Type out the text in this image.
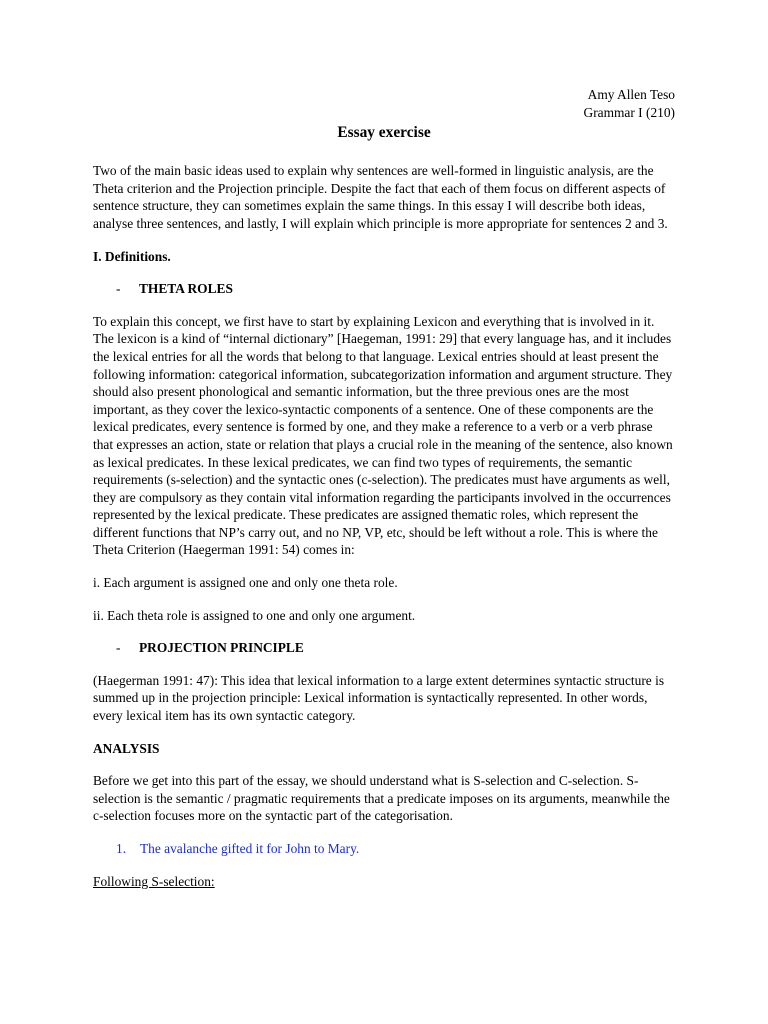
Amy Allen Teso
Grammar I (210)
Essay exercise

Two of the main basic ideas used to explain why sentences are well-formed in linguistic analysis, are the Theta criterion and the Projection principle. Despite the fact that each of them focus on different aspects of sentence structure, they can sometimes explain the same things. In this essay I will describe both ideas, analyse three sentences, and lastly, I will explain which principle is more appropriate for sentences 2 and 3.

I. Definitions.
-	THETA ROLES

To explain this concept, we first have to start by explaining Lexicon and everything that is involved in it. The lexicon is a kind of “internal dictionary” [Haegeman, 1991: 29] that every language has, and it includes the lexical entries for all the words that belong to that language. Lexical entries should at least present the following information: categorical information, subcategorization information and argument structure. They should also present phonological and semantic information, but the three previous ones are the most important, as they cover the lexico-syntactic components of a sentence. One of these components are the lexical predicates, every sentence is formed by one, and they make a reference to a verb or a verb phrase that expresses an action, state or relation that plays a crucial role in the meaning of the sentence, also known as lexical predicates. In these lexical predicates, we can find two types of requirements, the semantic requirements (s-selection) and the syntactic ones (c-selection). The predicates must have arguments as well, they are compulsory as they contain vital information regarding the participants involved in the occurrences represented by the lexical predicate. These predicates are assigned thematic roles, which represent the different functions that NP’s carry out, and no NP, VP, etc, should be left without a role. This is where the Theta Criterion (Haegerman 1991: 54) comes in:

i. Each argument is assigned one and only one theta role.

ii. Each theta role is assigned to one and only one argument.

-	PROJECTION PRINCIPLE

(Haegerman 1991: 47): This idea that lexical information to a large extent determines syntactic structure is summed up in the projection principle: Lexical information is syntactically represented. In other words, every lexical item has its own syntactic category.

ANALYSIS

Before we get into this part of the essay, we should understand what is S-selection and C-selection. S-selection is the semantic / pragmatic requirements that a predicate imposes on its arguments, meanwhile the c-selection focuses more on the syntactic part of the categorisation.

1.	The avalanche gifted it for John to Mary.
Following S-selection:
